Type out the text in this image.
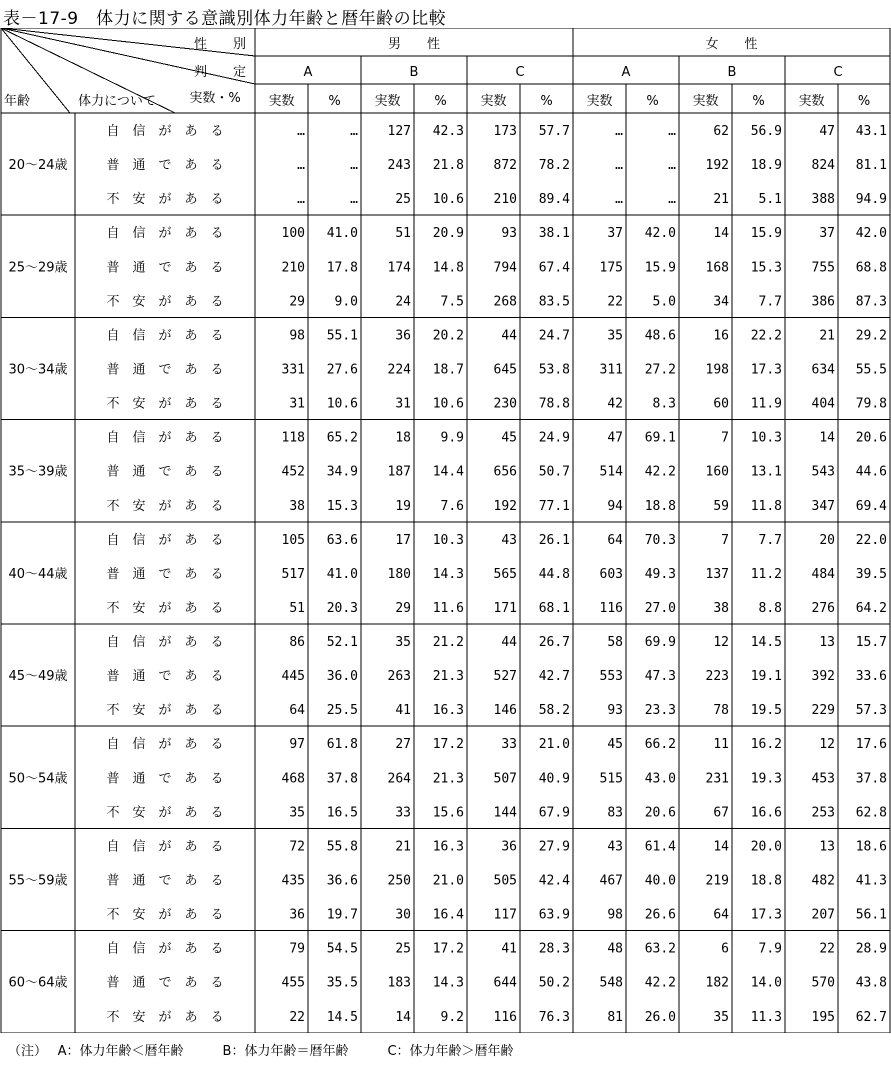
表－17-9　体力に関する意識別体力年齢と暦年齢の比較
性　　別
判　　定
実数・%
年齢	体力について
男　　性	女　　性
A	B	C	A	B	C
実数	%	実数	%	実数	%	実数	%	実数	%	実数	%
20～24歳
自　信　が　あ　る	…	… 127 42.3 173 57.7	…	…	62 56.9	47 43.1
普　通　で　あ　る	…	… 243 21.8 872 78.2	…	… 192 18.9 824 81.1
不　安　が　あ　る	…	…	25 10.6 210 89.4	…	…	21 5.1 388 94.9
25～29歳
自　信　が　あ　る	100 41.0	51 20.9	93 38.1	37 42.0	14 15.9	37 42.0
普　通　で　あ　る	210 17.8 174 14.8 794 67.4 175 15.9 168 15.3 755 68.8
不　安　が　あ　る	29 9.0	24 7.5 268 83.5	22 5.0	34 7.7 386 87.3
30～34歳
自　信　が　あ　る	98 55.1	36 20.2	44 24.7	35 48.6	16 22.2	21 29.2
普　通　で　あ　る	331 27.6 224 18.7 645 53.8 311 27.2 198 17.3 634 55.5
不　安　が　あ　る	31 10.6	31 10.6 230 78.8	42 8.3	60 11.9 404 79.8
35～39歳
自　信　が　あ　る	118 65.2	18 9.9	45 24.9	47 69.1	7 10.3	14 20.6
普　通　で　あ　る	452 34.9 187 14.4 656 50.7 514 42.2 160 13.1 543 44.6
不　安　が　あ　る	38 15.3	19 7.6 192 77.1	94 18.8	59 11.8 347 69.4
40～44歳
自　信　が　あ　る	105 63.6	17 10.3	43 26.1	64 70.3	7 7.7	20 22.0
普　通　で　あ　る	517 41.0 180 14.3 565 44.8 603 49.3 137 11.2 484 39.5
不　安　が　あ　る	51 20.3	29 11.6 171 68.1 116 27.0	38 8.8 276 64.2
45～49歳
自　信　が　あ　る	86 52.1	35 21.2	44 26.7	58 69.9	12 14.5	13 15.7
普　通　で　あ　る	445 36.0 263 21.3 527 42.7 553 47.3 223 19.1 392 33.6
不　安　が　あ　る	64 25.5	41 16.3 146 58.2	93 23.3	78 19.5 229 57.3
50～54歳
自　信　が　あ　る	97 61.8	27 17.2	33 21.0	45 66.2	11 16.2	12 17.6
普　通　で　あ　る	468 37.8 264 21.3 507 40.9 515 43.0 231 19.3 453 37.8
不　安　が　あ　る	35 16.5	33 15.6 144 67.9	83 20.6	67 16.6 253 62.8
55～59歳
自　信　が　あ　る	72 55.8	21 16.3	36 27.9	43 61.4	14 20.0	13 18.6
普　通　で　あ　る	435 36.6 250 21.0 505 42.4 467 40.0 219 18.8 482 41.3
不　安　が　あ　る	36 19.7	30 16.4 117 63.9	98 26.6	64 17.3 207 56.1
60～64歳
自　信　が　あ　る	79 54.5	25 17.2	41 28.3	48 63.2	6 7.9	22 28.9
普　通　で　あ　る	455 35.5 183 14.3 644 50.2 548 42.2 182 14.0 570 43.8
不　安　が　あ　る	22 14.5	14 9.2 116 76.3	81 26.0	35 11.3 195 62.7
（注）　 A：体力年齢＜暦年齢　　　B：体力年齢＝暦年齢　　　C：体力年齢＞暦年齢
